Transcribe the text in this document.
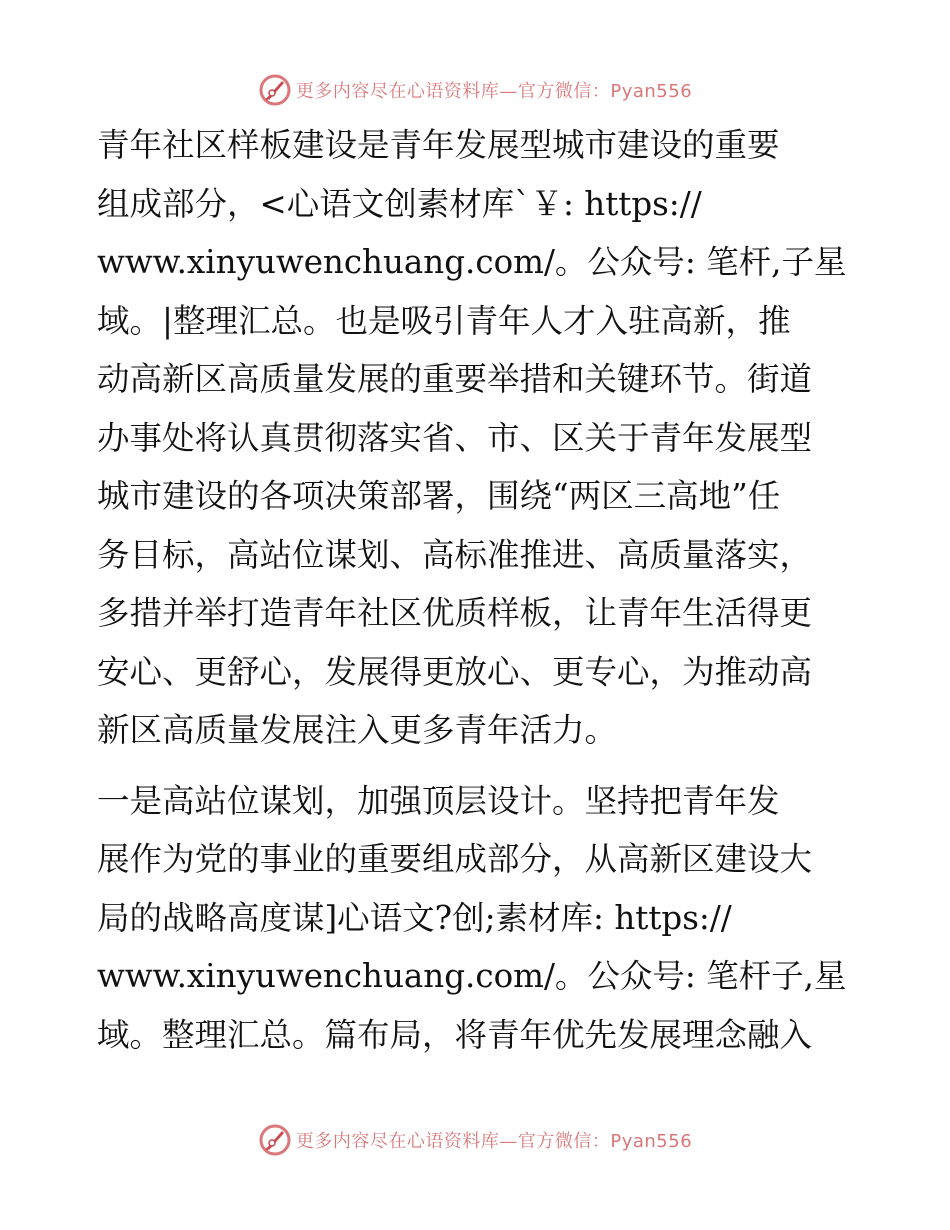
更多内容尽在心语资料库—官方微信：Pyan556

青年社区样板建设是青年发展型城市建设的重要
组成部分，<心语文创素材库`￥: https://
www.xinyuwenchuang.com/。公众号: 笔杆,子星
域。|整理汇总。也是吸引青年人才入驻高新，推
动高新区高质量发展的重要举措和关键环节。街道
办事处将认真贯彻落实省、市、区关于青年发展型
城市建设的各项决策部署，围绕“两区三高地”任
务目标，高站位谋划、高标准推进、高质量落实，
多措并举打造青年社区优质样板，让青年生活得更
安心、更舒心，发展得更放心、更专心，为推动高
新区高质量发展注入更多青年活力。

一是高站位谋划，加强顶层设计。坚持把青年发
展作为党的事业的重要组成部分，从高新区建设大
局的战略高度谋]心语文?创;素材库: https://
www.xinyuwenchuang.com/。公众号: 笔杆子,星
域。整理汇总。篇布局，将青年优先发展理念融入

更多内容尽在心语资料库—官方微信：Pyan556
